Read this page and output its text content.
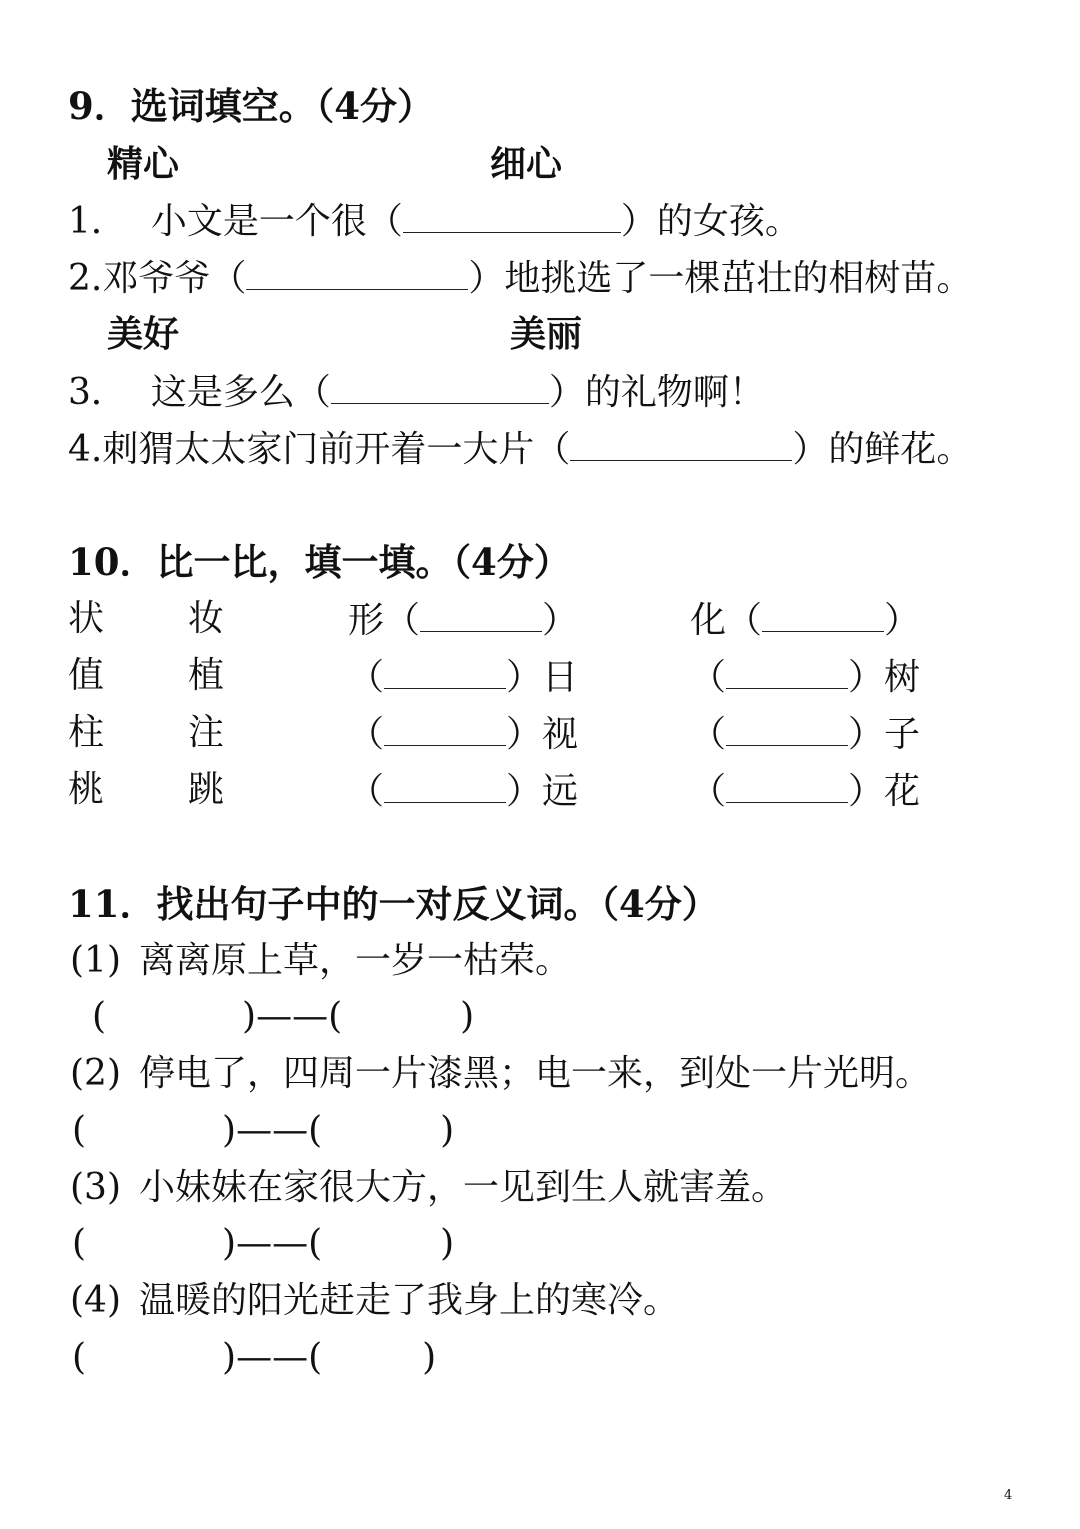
9．选词填空。（4分）
精心	细心
1． 小文是一个很（	）的女孩。
2.邓爷爷（	）地挑选了一棵茁壮的相树苗。
美好	美丽
3． 这是多么（	）的礼物啊！
4.刺猬太太家门前开着一大片（	）的鲜花。
10．比一比，填一填。（4分）
状 妆	形（	）	化（	）
值 植	（	）日	（	）树
柱 注	（	）视	（	）子
桃 跳	（	）远	（	）花
11．找出句子中的一对反义词。（4分）
(1) 离离原上草，一岁一枯荣。
(	)——(	)
(2) 停电了，四周一片漆黑；电一来，到处一片光明。
(	)——(	)
(3) 小妹妹在家很大方，一见到生人就害羞。
(	)——(	)
(4) 温暖的阳光赶走了我身上的寒冷。
(	)——(	)
4
